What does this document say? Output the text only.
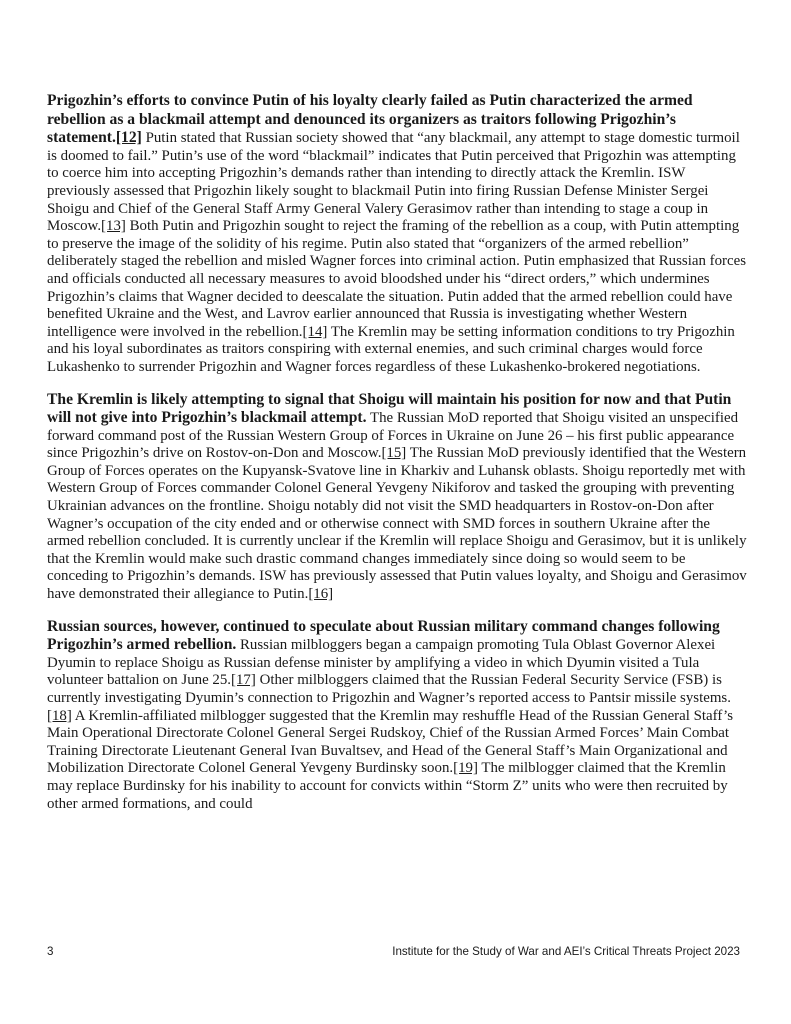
Prigozhin’s efforts to convince Putin of his loyalty clearly failed as Putin characterized the armed rebellion as a blackmail attempt and denounced its organizers as traitors following Prigozhin’s statement.[12] Putin stated that Russian society showed that “any blackmail, any attempt to stage domestic turmoil is doomed to fail.” Putin’s use of the word “blackmail” indicates that Putin perceived that Prigozhin was attempting to coerce him into accepting Prigozhin’s demands rather than intending to directly attack the Kremlin. ISW previously assessed that Prigozhin likely sought to blackmail Putin into firing Russian Defense Minister Sergei Shoigu and Chief of the General Staff Army General Valery Gerasimov rather than intending to stage a coup in Moscow.[13] Both Putin and Prigozhin sought to reject the framing of the rebellion as a coup, with Putin attempting to preserve the image of the solidity of his regime. Putin also stated that “organizers of the armed rebellion” deliberately staged the rebellion and misled Wagner forces into criminal action. Putin emphasized that Russian forces and officials conducted all necessary measures to avoid bloodshed under his “direct orders,” which undermines Prigozhin’s claims that Wagner decided to deescalate the situation. Putin added that the armed rebellion could have benefited Ukraine and the West, and Lavrov earlier announced that Russia is investigating whether Western intelligence were involved in the rebellion.[14] The Kremlin may be setting information conditions to try Prigozhin and his loyal subordinates as traitors conspiring with external enemies, and such criminal charges would force Lukashenko to surrender Prigozhin and Wagner forces regardless of these Lukashenko-brokered negotiations.

The Kremlin is likely attempting to signal that Shoigu will maintain his position for now and that Putin will not give into Prigozhin’s blackmail attempt. The Russian MoD reported that Shoigu visited an unspecified forward command post of the Russian Western Group of Forces in Ukraine on June 26 – his first public appearance since Prigozhin’s drive on Rostov-on-Don and Moscow.[15] The Russian MoD previously identified that the Western Group of Forces operates on the Kupyansk-Svatove line in Kharkiv and Luhansk oblasts. Shoigu reportedly met with Western Group of Forces commander Colonel General Yevgeny Nikiforov and tasked the grouping with preventing Ukrainian advances on the frontline. Shoigu notably did not visit the SMD headquarters in Rostov-on-Don after Wagner’s occupation of the city ended and or otherwise connect with SMD forces in southern Ukraine after the armed rebellion concluded. It is currently unclear if the Kremlin will replace Shoigu and Gerasimov, but it is unlikely that the Kremlin would make such drastic command changes immediately since doing so would seem to be conceding to Prigozhin’s demands. ISW has previously assessed that Putin values loyalty, and Shoigu and Gerasimov have demonstrated their allegiance to Putin.[16]

Russian sources, however, continued to speculate about Russian military command changes following Prigozhin’s armed rebellion. Russian milbloggers began a campaign promoting Tula Oblast Governor Alexei Dyumin to replace Shoigu as Russian defense minister by amplifying a video in which Dyumin visited a Tula volunteer battalion on June 25.[17] Other milbloggers claimed that the Russian Federal Security Service (FSB) is currently investigating Dyumin’s connection to Prigozhin and Wagner’s reported access to Pantsir missile systems.[18] A Kremlin-affiliated milblogger suggested that the Kremlin may reshuffle Head of the Russian General Staff’s Main Operational Directorate Colonel General Sergei Rudskoy, Chief of the Russian Armed Forces’ Main Combat Training Directorate Lieutenant General Ivan Buvaltsev, and Head of the General Staff’s Main Organizational and Mobilization Directorate Colonel General Yevgeny Burdinsky soon.[19] The milblogger claimed that the Kremlin may replace Burdinsky for his inability to account for convicts within “Storm Z” units who were then recruited by other armed formations, and could

3	Institute for the Study of War and AEI’s Critical Threats Project 2023
